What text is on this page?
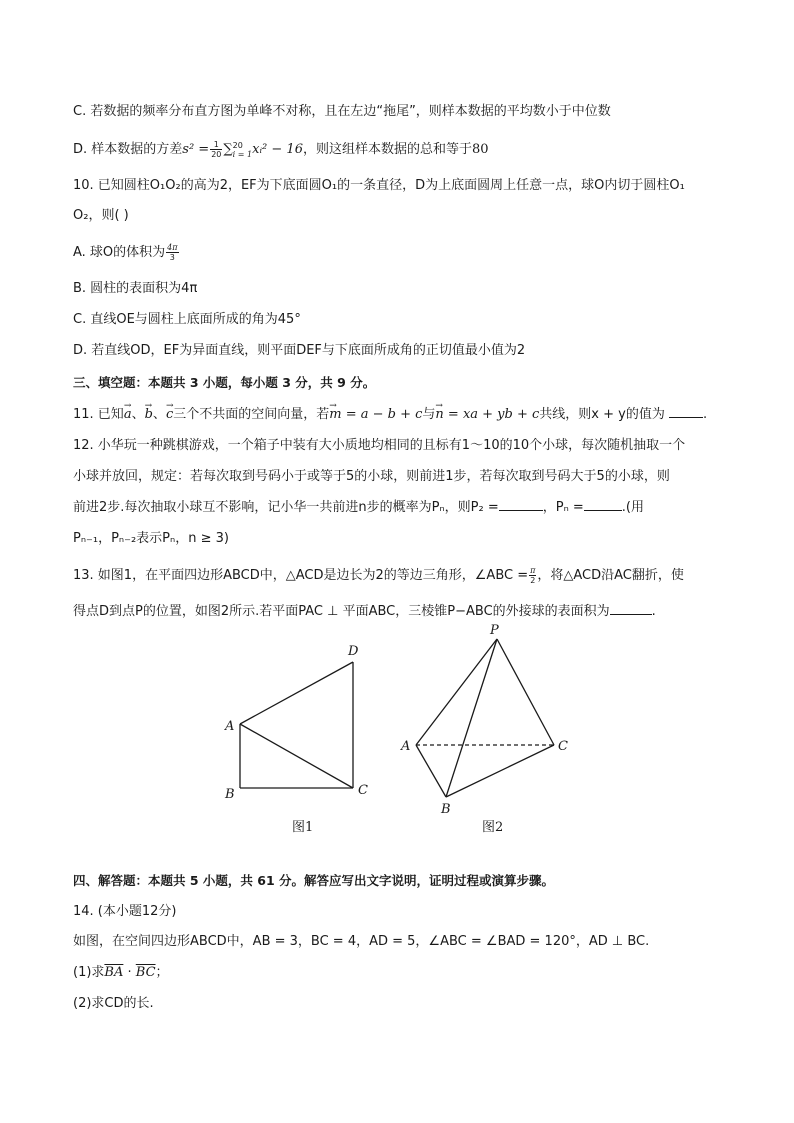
C. 若数据的频率分布直方图为单峰不对称，且在左边“拖尾”，则样本数据的平均数小于中位数
D. 样本数据的方差$s^2 = \frac{1}{20}$ ∑ 20
i = 1 xᵢ² − 16，则这组样本数据的总和等于80
10. 已知圆柱O₁O₂的高为2，EF为下底面圆O₁的一条直径，D为上底面圆周上任意一点，球O内切于圆柱O₁
O₂，则( )
A. 球O的体积为 $\frac{4\pi}{3}$
B. 圆柱的表面积为4π
C. 直线OE与圆柱上底面所成的角为45°
D. 若直线OD，EF为异面直线，则平面DEF与下底面所成角的正切值最小值为2
三、填空题：本题共 3 小题，每小题 3 分，共 9 分。
11. 已知→ a、→ b、→ c三个不共面的空间向量，若→ m = a − b + c与→ n = xa + yb + c共线，则x + y的值为	.
12. 小华玩一种跳棋游戏，一个箱子中装有大小质地均相同的且标有1～10的10个小球，每次随机抽取一个
小球并放回，规定：若每次取到号码小于或等于5的小球，则前进1步，若每次取到号码大于5的小球，则
前进2步.每次抽取小球互不影响，记小华一共前进n步的概率为Pₙ，则P₂ =	，Pₙ =	.(用
Pₙ₋₁，Pₙ₋₂表示Pₙ，n ≥ 3)
13. 如图1，在平面四边形ABCD中，△ACD是边长为2的等边三角形，∠ABC = $\frac{\pi}{2}$ ，将△ACD沿AC翻折，使
得点D到点P的位置，如图2所示.若平面PAC ⊥ 平面ABC，三棱锥P−ABC的外接球的表面积为	.
A
B	C
D
图1
P
A
B
C
图2
四、解答题：本题共 5 小题，共 61 分。解答应写出文字说明，证明过程或演算步骤。
14. (本小题12分)
如图，在空间四边形ABCD中，AB = 3，BC = 4，AD = 5，∠ABC = ∠BAD = 120°，AD ⊥ BC.
(1)求$\overline{BA} \cdot \overline{BC}$；
(2)求CD的长.
